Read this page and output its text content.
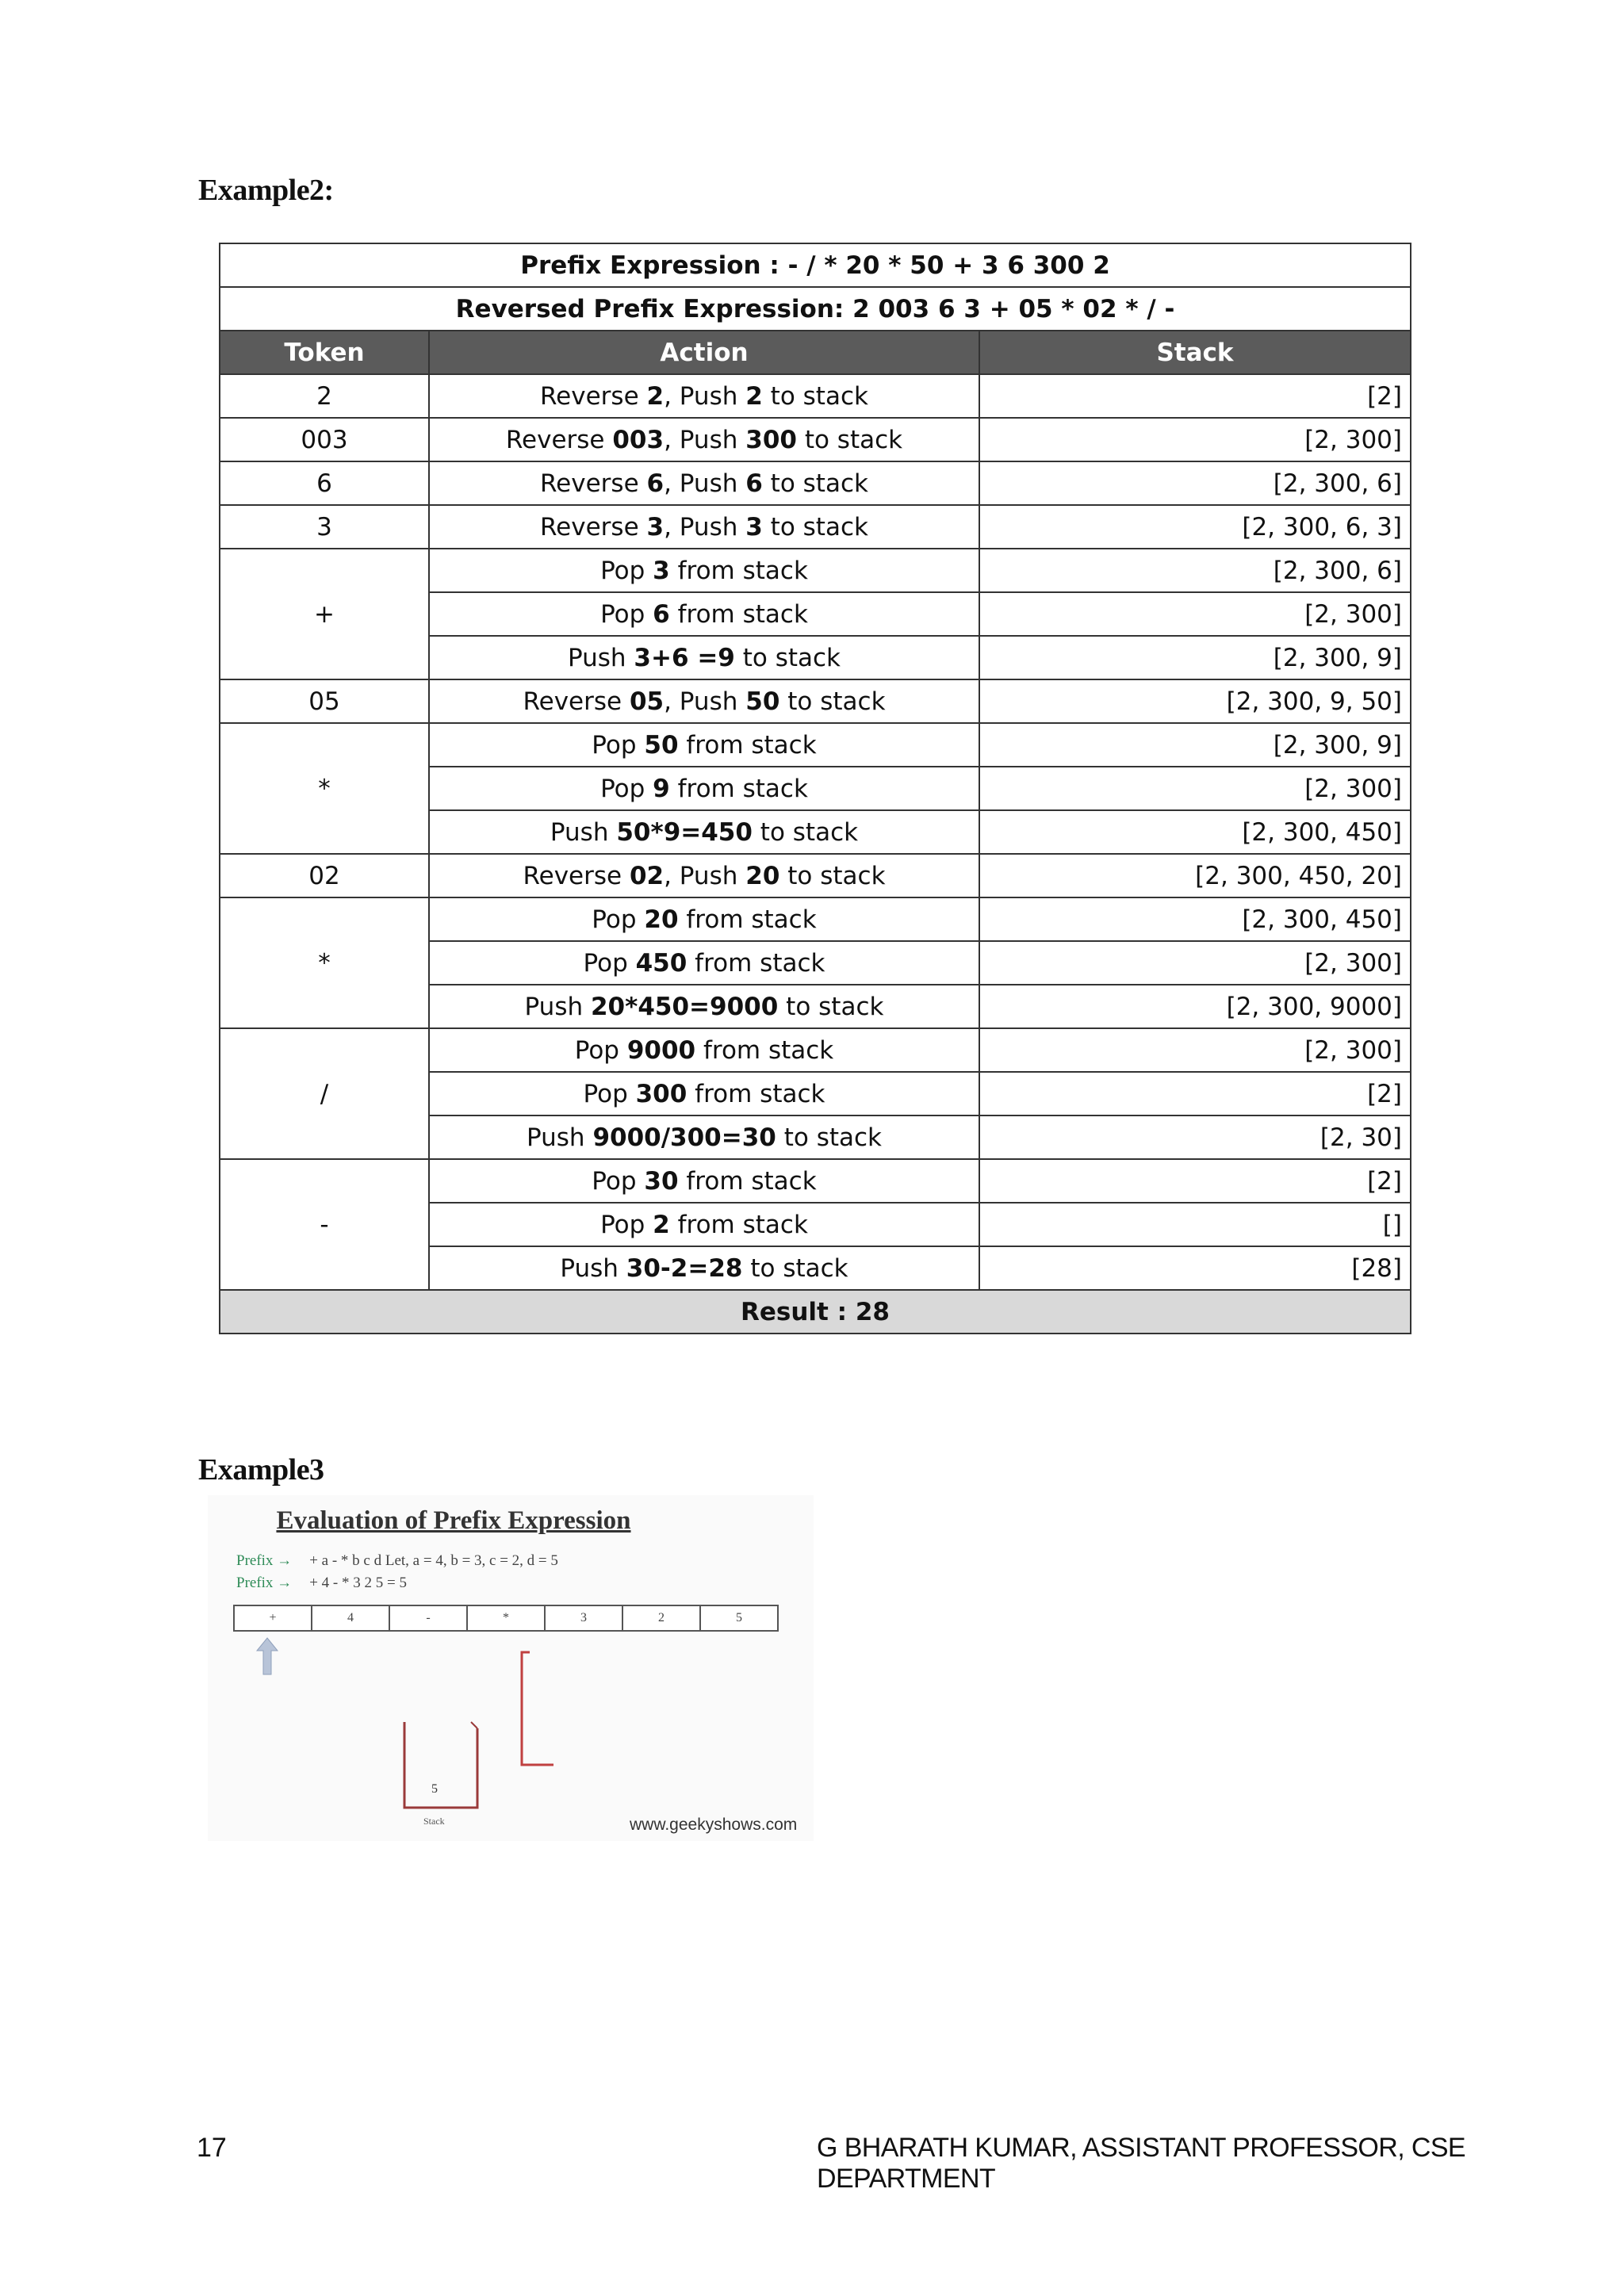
Example2:
Prefix Expression : - / * 20 * 50 + 3 6 300 2		
Reversed Prefix Expression: 2 003 6 3 + 05 * 02 * / -		
Token	Action	Stack
2	Reverse 2, Push 2 to stack	[2]
003	Reverse 003, Push 300 to stack	[2, 300]
6	Reverse 6, Push 6 to stack	[2, 300, 6]
3	Reverse 3, Push 3 to stack	[2, 300, 6, 3]
+	Pop 3 from stack	[2, 300, 6]
	Pop 6 from stack	[2, 300]
	Push 3+6 =9 to stack	[2, 300, 9]
05	Reverse 05, Push 50 to stack	[2, 300, 9, 50]
*	Pop 50 from stack	[2, 300, 9]
	Pop 9 from stack	[2, 300]
	Push 50*9=450 to stack	[2, 300, 450]
02	Reverse 02, Push 20 to stack	[2, 300, 450, 20]
*	Pop 20 from stack	[2, 300, 450]
	Pop 450 from stack	[2, 300]
	Push 20*450=9000 to stack	[2, 300, 9000]
/	Pop 9000 from stack	[2, 300]
	Pop 300 from stack	[2]
	Push 9000/300=30 to stack	[2, 30]
-	Pop 30 from stack	[2]
	Pop 2 from stack	[]
	Push 30-2=28 to stack	[28]
Result : 28		
Example3

Evaluation of Prefix Expression

Prefix → + a - * b c d Let, a = 4, b = 3, c = 2, d = 5
Prefix → + 4 - * 3 2 5 = 5
+	4	-	*	3	2	5
5
Stack	www.geekyshows.com
17	G BHARATH KUMAR, ASSISTANT PROFESSOR, CSE DEPARTMENT
